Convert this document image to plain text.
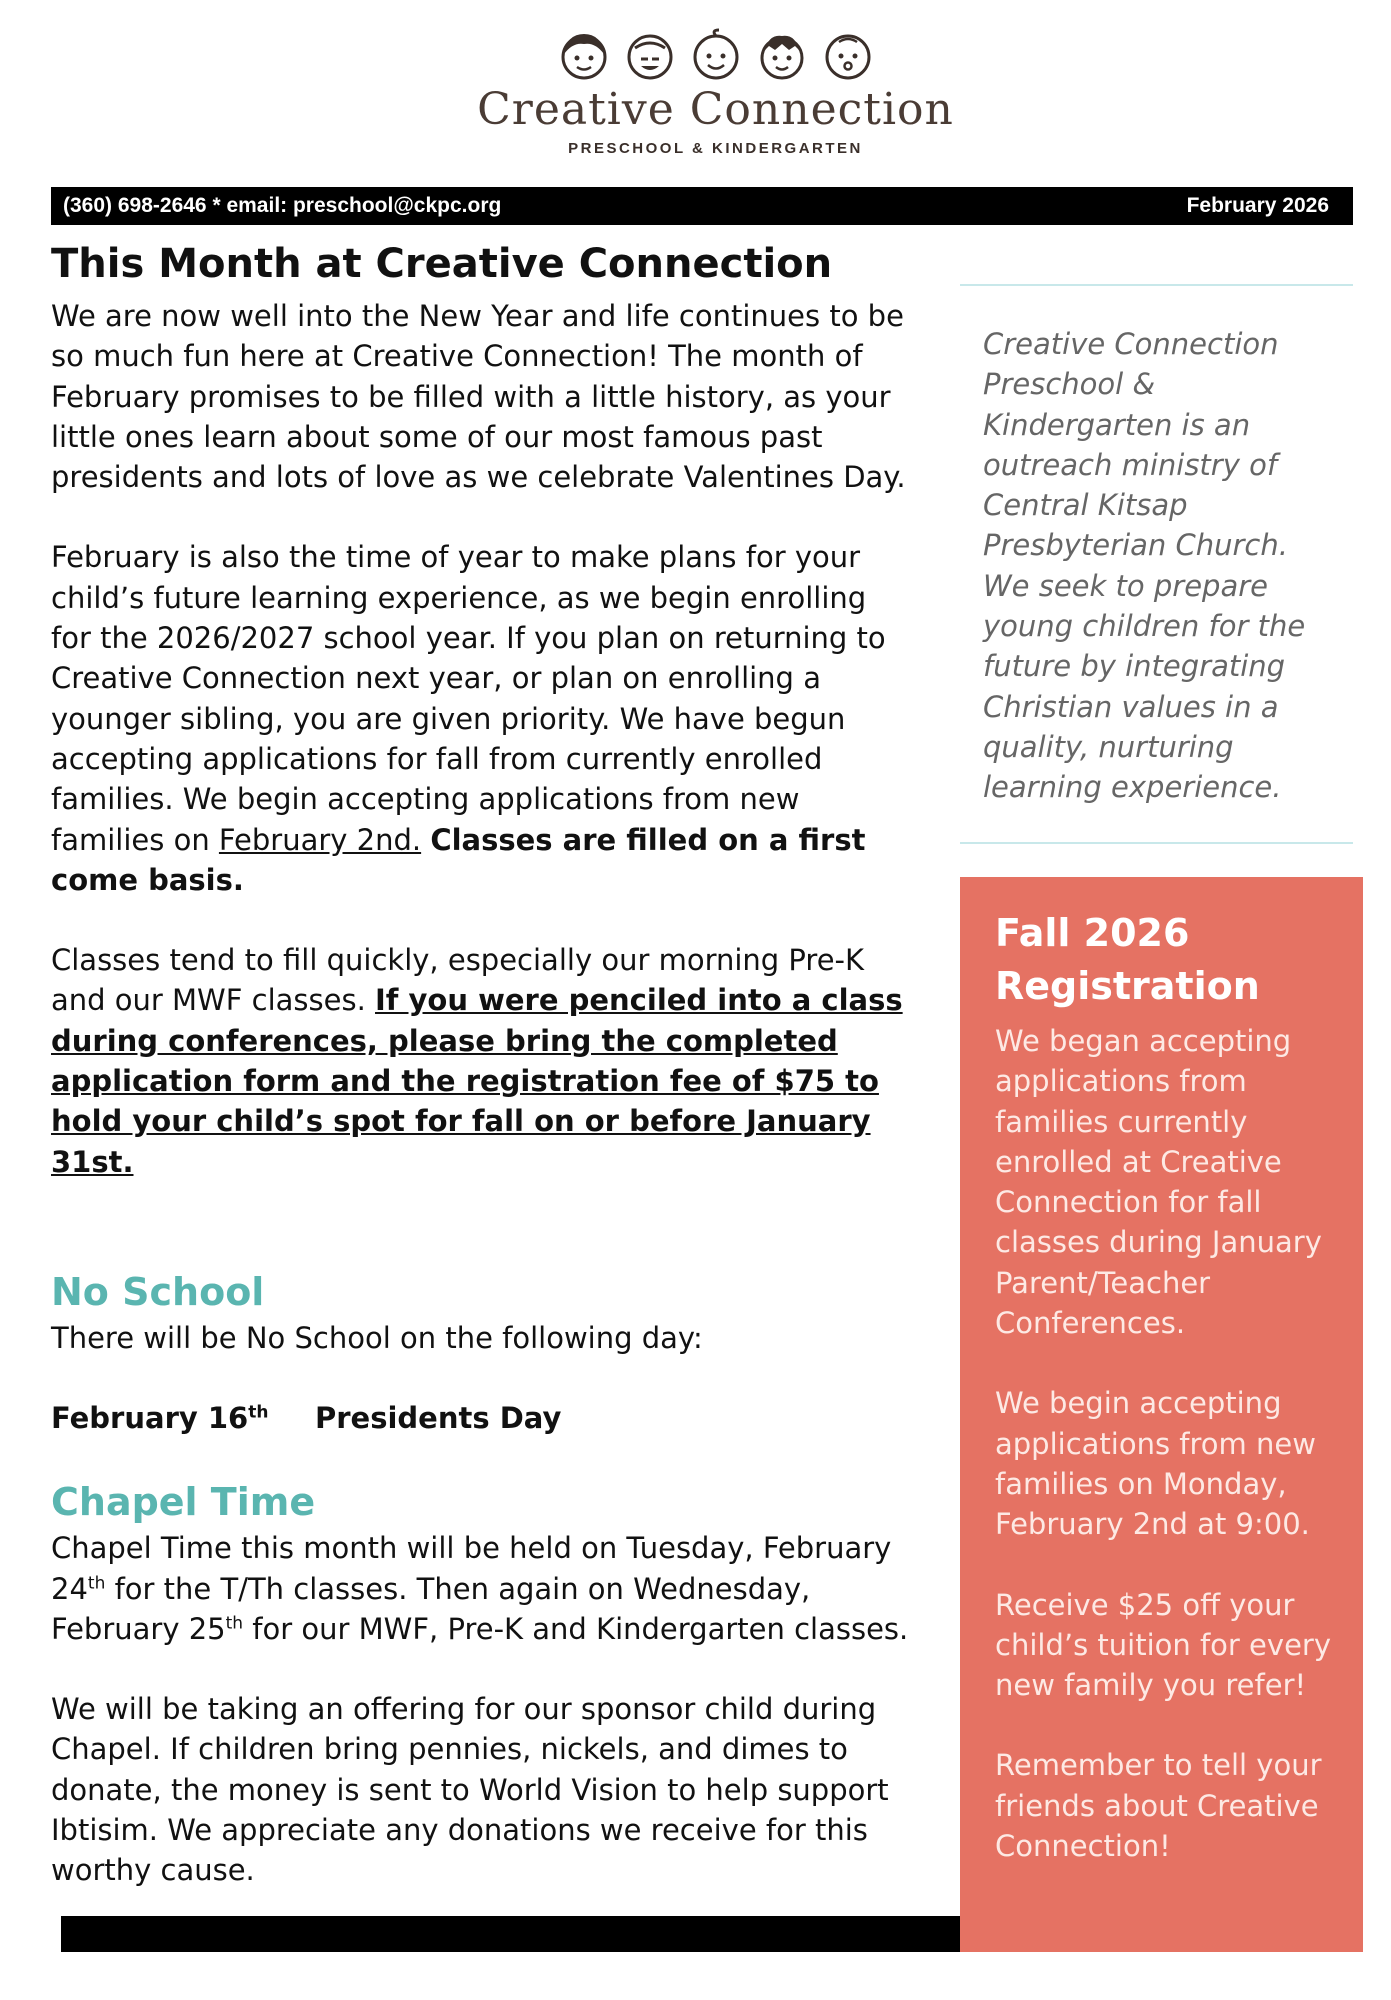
Creative Connection
PRESCHOOL & KINDERGARTEN
(360) 698-2646 * email: preschool@ckpc.org	February 2026
This Month at Creative Connection

We are now well into the New Year and life continues to be so much fun here at Creative Connection! The month of February promises to be filled with a little history, as your little ones learn about some of our most famous past presidents and lots of love as we celebrate Valentines Day.

February is also the time of year to make plans for your child’s future learning experience, as we begin enrolling for the 2026/2027 school year. If you plan on returning to Creative Connection next year, or plan on enrolling a younger sibling, you are given priority. We have begun accepting applications for fall from currently enrolled families. We begin accepting applications from new families on February 2nd. Classes are filled on a first come basis.

Classes tend to fill quickly, especially our morning Pre-K and our MWF classes. If you were penciled into a class during conferences, please bring the completed application form and the registration fee of $75 to hold your child’s spot for fall on or before January 31st.

No School

There will be No School on the following day:

February 16th	Presidents Day
Chapel Time

Chapel Time this month will be held on Tuesday, February 24th for the T/Th classes. Then again on Wednesday, February 25th for our MWF, Pre-K and Kindergarten classes.

We will be taking an offering for our sponsor child during Chapel. If children bring pennies, nickels, and dimes to donate, the money is sent to World Vision to help support Ibtisim. We appreciate any donations we receive for this worthy cause.

Creative Connection Preschool & Kindergarten is an outreach ministry of Central Kitsap Presbyterian Church. We seek to prepare young children for the future by integrating Christian values in a quality, nurturing learning experience.

Fall 2026 Registration

We began accepting applications from families currently enrolled at Creative Connection for fall classes during January Parent/Teacher Conferences.

We begin accepting applications from new families on Monday, February 2nd at 9:00.

Receive $25 off your child’s tuition for every new family you refer!

Remember to tell your friends about Creative Connection!
